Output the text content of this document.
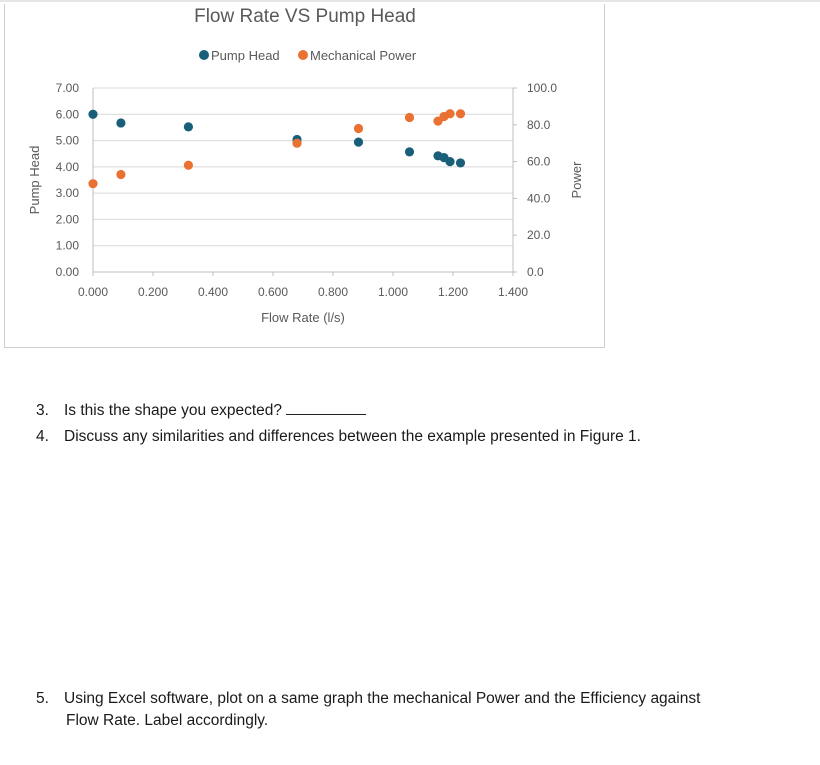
Flow Rate VS Pump Head
Pump Head Mechanical Power
0.00
1.00
2.00
3.00
4.00
5.00
6.00
7.00
0.000 0.200 0.400 0.600 0.800 1.000 1.200 1.400
0.0
20.0
40.0
60.0
80.0
100.0
Flow Rate (l/s)
Pump Head	Power
3. Is this the shape you expected?
4. Discuss any similarities and differences between the example presented in Figure 1.
5. Using Excel software, plot on a same graph the mechanical Power and the Efficiency against
Flow Rate. Label accordingly.
